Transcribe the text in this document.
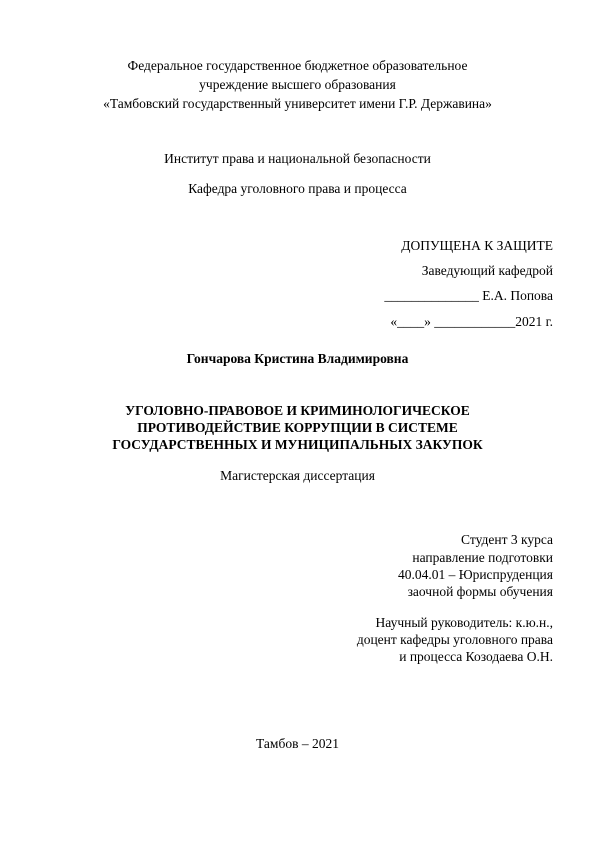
Федеральное государственное бюджетное образовательное
учреждение высшего образования
«Тамбовский государственный университет имени Г.Р. Державина»
Институт права и национальной безопасности
Кафедра уголовного права и процесса
ДОПУЩЕНА К ЗАЩИТЕ
Заведующий кафедрой
______________ Е.А. Попова
«____» ____________2021 г.
Гончарова Кристина Владимировна
УГОЛОВНО-ПРАВОВОЕ И КРИМИНОЛОГИЧЕСКОЕ
ПРОТИВОДЕЙСТВИЕ КОРРУПЦИИ В СИСТЕМЕ
ГОСУДАРСТВЕННЫХ И МУНИЦИПАЛЬНЫХ ЗАКУПОК
Магистерская диссертация
Студент 3 курса
направление подготовки
40.04.01 – Юриспруденция
заочной формы обучения
Научный руководитель: к.ю.н.,
доцент кафедры уголовного права
и процесса Козодаева О.Н.
Тамбов – 2021
